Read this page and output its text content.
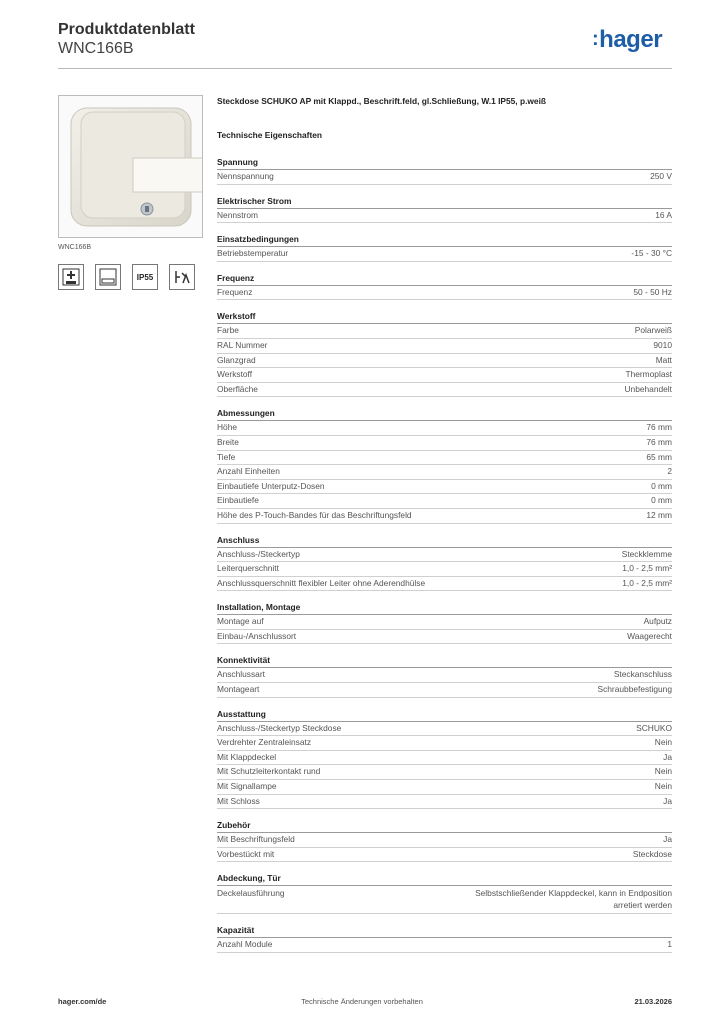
Produktdatenblatt
WNC166B	:hager
WNC166B
IP55
Steckdose SCHUKO AP mit Klappd., Beschrift.feld, gl.Schließung, W.1 IP55, p.weiß
Technische Eigenschaften
Spannung
Nennspannung	250 V
Elektrischer Strom
Nennstrom	16 A
Einsatzbedingungen
Betriebstemperatur	-15 - 30 °C
Frequenz
Frequenz	50 - 50 Hz
Werkstoff
Farbe	Polarweiß
RAL Nummer	9010
Glanzgrad	Matt
Werkstoff	Thermoplast
Oberfläche	Unbehandelt
Abmessungen
Höhe	76 mm
Breite	76 mm
Tiefe	65 mm
Anzahl Einheiten	2
Einbautiefe Unterputz-Dosen	0 mm
Einbautiefe	0 mm
Höhe des P-Touch-Bandes für das Beschriftungsfeld	12 mm
Anschluss
Anschluss-/Steckertyp	Steckklemme
Leiterquerschnitt	1,0 - 2,5 mm²
Anschlussquerschnitt flexibler Leiter ohne Aderendhülse	1,0 - 2,5 mm²
Installation, Montage
Montage auf	Aufputz
Einbau-/Anschlussort	Waagerecht
Konnektivität
Anschlussart	Steckanschluss
Montageart	Schraubbefestigung
Ausstattung
Anschluss-/Steckertyp Steckdose	SCHUKO
Verdrehter Zentraleinsatz	Nein
Mit Klappdeckel	Ja
Mit Schutzleiterkontakt rund	Nein
Mit Signallampe	Nein
Mit Schloss	Ja
Zubehör
Mit Beschriftungsfeld	Ja
Vorbestückt mit	Steckdose
Abdeckung, Tür
Deckelausführung	Selbstschließender Klappdeckel, kann in Endposition arretiert werden
Kapazität
Anzahl Module	1
hager.com/de	Technische Änderungen vorbehalten	21.03.2026
